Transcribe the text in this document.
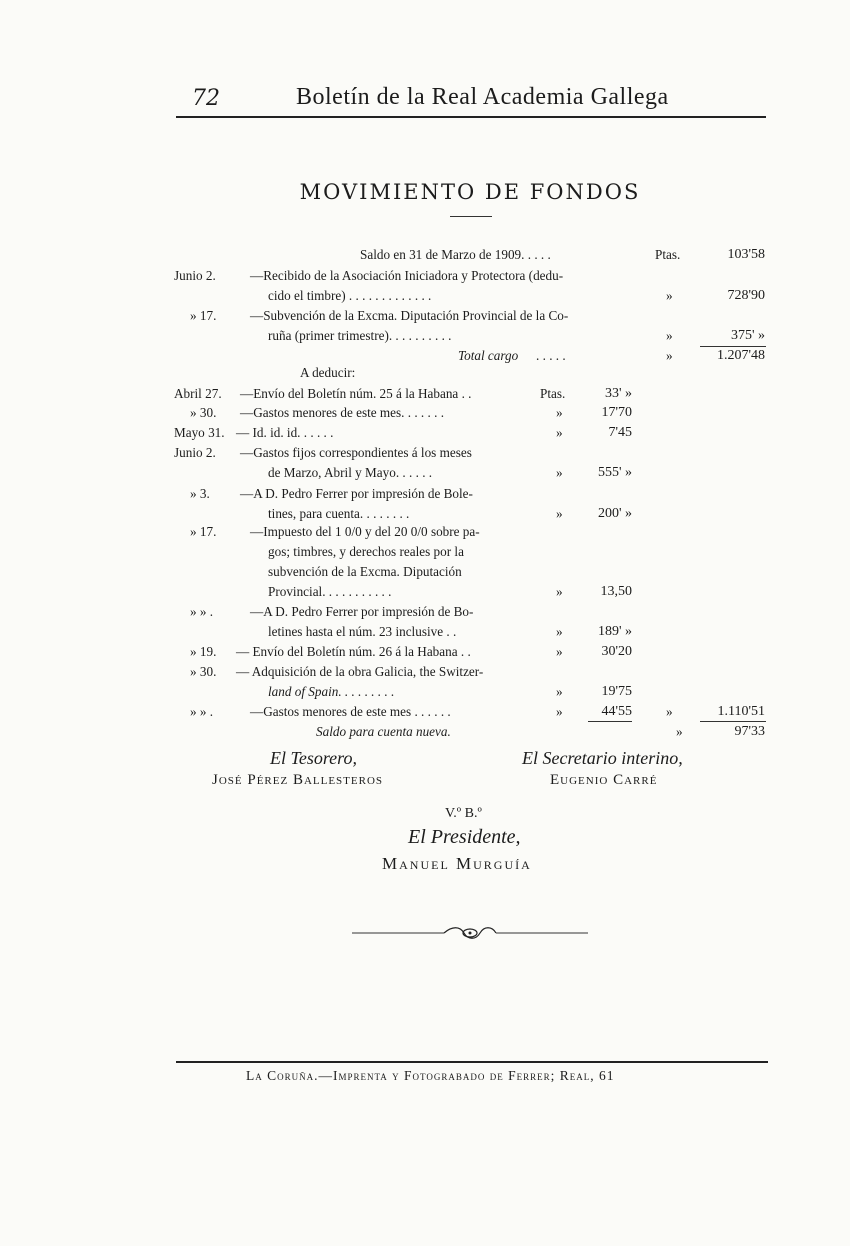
72	Boletín de la Real Academia Gallega
MOVIMIENTO DE FONDOS
Saldo en 31 de Marzo de 1909. . . . .	Ptas.	103'58
Junio 2.	—Recibido de la Asociación Iniciadora y Protectora (dedu-
cido el timbre) . . . . . . . . . . . . .	»	728'90
» 17.	—Subvención de la Excma. Diputación Provincial de la Co-
ruña (primer trimestre). . . . . . . . . .	»	375' »
Total cargo . . . . .	»	1.207'48
A deducir:
Abril 27. —Envío del Boletín núm. 25 á la Habana . .	Ptas.	33' »
» 30. —Gastos menores de este mes. . . . . . .	»	17'70
Mayo 31. — Id. id. id. . . . . .	»	7'45
Junio 2. —Gastos fijos correspondientes á los meses
de Marzo, Abril y Mayo. . . . . .	»	555' »
» 3. —A D. Pedro Ferrer por impresión de Bole-
tines, para cuenta. . . . . . . .	»	200' »
» 17.	—Impuesto del 1 0/0 y del 20 0/0 sobre pa-
gos; timbres, y derechos reales por la
subvención de la Excma. Diputación
Provincial. . . . . . . . . . .	»	13,50
» » .	—A D. Pedro Ferrer por impresión de Bo-
letines hasta el núm. 23 inclusive . .	»	189' »
» 19. — Envío del Boletín núm. 26 á la Habana . .	»	30'20
» 30. — Adquisición de la obra Galicia, the Switzer-
land of Spain. . . . . . . . .	»	19'75
» » .	—Gastos menores de este mes . . . . . .	»	44'55	»	1.110'51
Saldo para cuenta nueva.	»	97'33
El Tesorero,
José Pérez Ballesteros
El Secretario interino,
Eugenio Carré
V.º B.º
El Presidente,
Manuel Murguía
La Coruña.—Imprenta y Fotograbado de Ferrer; Real, 61
